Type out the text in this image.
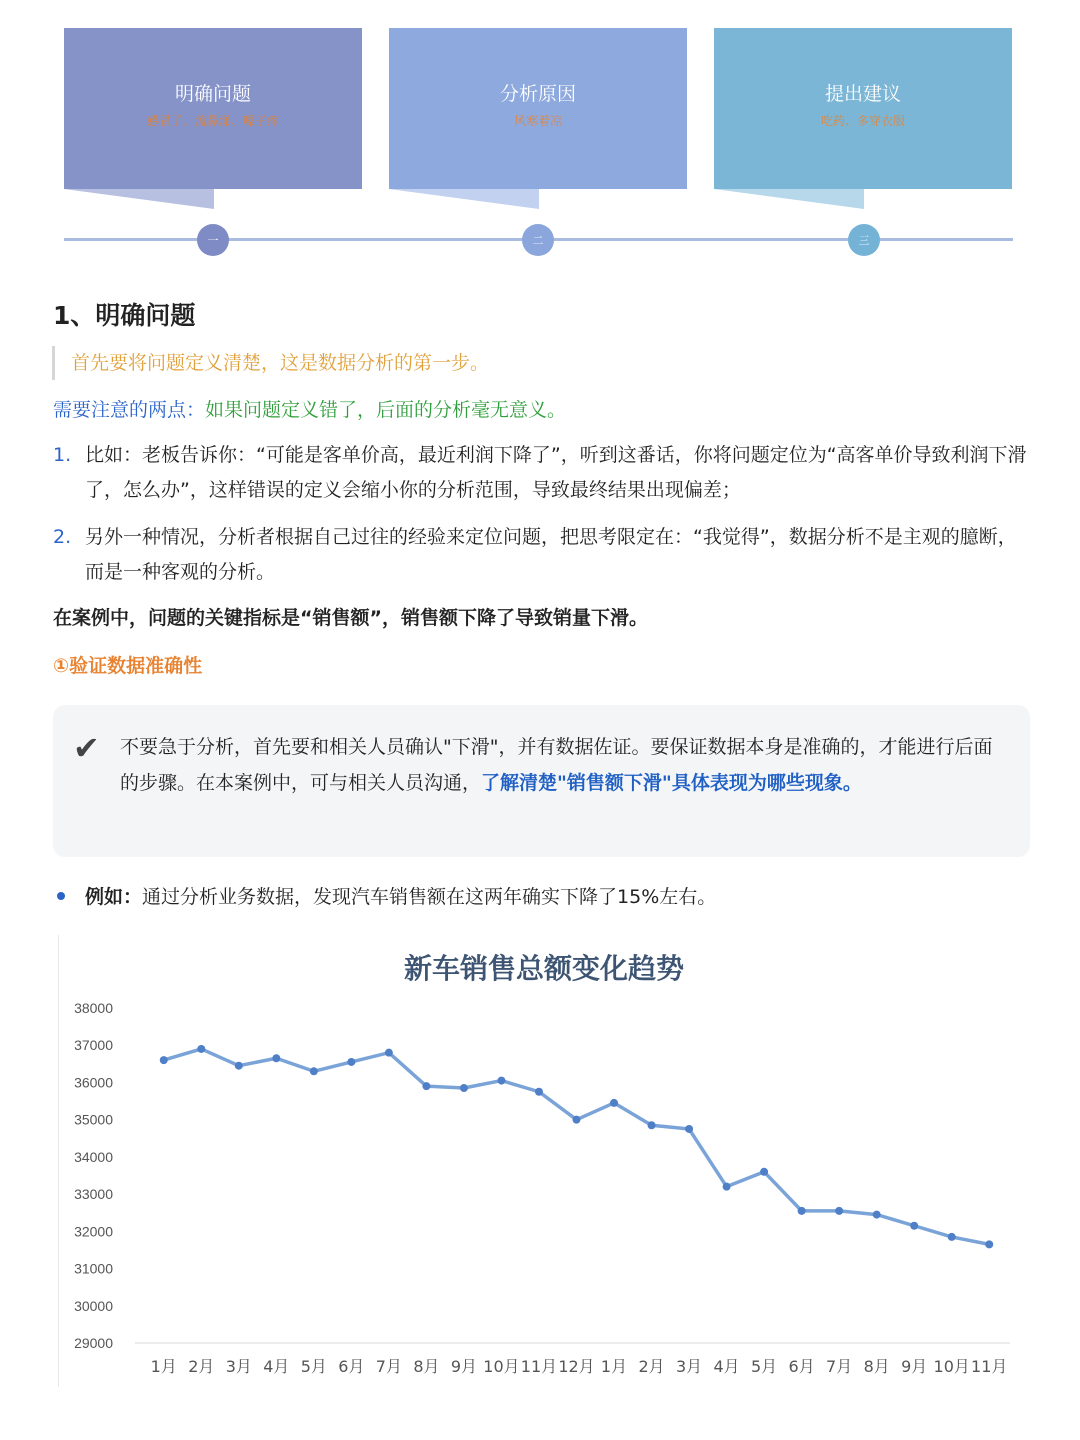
明确问题
感冒了、流鼻涕、嗓子疼
分析原因
风寒着凉
提出建议
吃药、多穿衣服
一	二	三
1、明确问题
首先要将问题定义清楚，这是数据分析的第一步。
需要注意的两点：如果问题定义错了，后面的分析毫无意义。
1. 比如：老板告诉你：“可能是客单价高，最近利润下降了”，听到这番话，你将问题定位为“高客单价导致利润下滑了，怎么办”，这样错误的定义会缩小你的分析范围，导致最终结果出现偏差；
2. 另外一种情况，分析者根据自己过往的经验来定位问题，把思考限定在：“我觉得”，数据分析不是主观的臆断，而是一种客观的分析。
在案例中，问题的关键指标是“销售额”，销售额下降了导致销量下滑。
①验证数据准确性
✔ 不要急于分析，首先要和相关人员确认"下滑"，并有数据佐证。要保证数据本身是准确的，才能进行后面的步骤。在本案例中，可与相关人员沟通，了解清楚"销售额下滑"具体表现为哪些现象。
例如：通过分析业务数据，发现汽车销售额在这两年确实下降了15%左右。
新车销售总额变化趋势
29000
30000
31000
32000
33000
34000
35000
36000
37000
38000
1月 2月 3月 4月 5月 6月 7月 8月 9月 10月 11月 12月 1月 2月 3月 4月 5月 6月 7月 8月 9月 10月 11月
